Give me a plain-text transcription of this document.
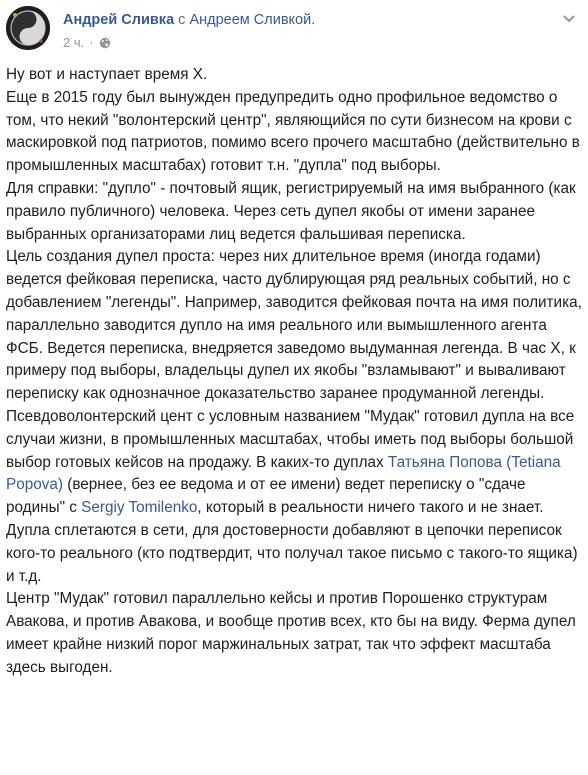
Андрей Сливка с Андреем Сливкой.
2 ч. ·

Ну вот и наступает время Х.

Еще в 2015 году был вынужден предупредить одно профильное ведомство о том, что некий "волонтерский центр", являющийся по сути бизнесом на крови с маскировкой под патриотов, помимо всего прочего масштабно (действительно в промышленных масштабах) готовит т.н. "дупла" под выборы.

Для справки: "дупло" - почтовый ящик, регистрируемый на имя выбранного (как правило публичного) человека. Через сеть дупел якобы от имени заранее выбранных организаторами лиц ведется фальшивая переписка.

Цель создания дупел проста: через них длительное время (иногда годами) ведется фейковая переписка, часто дублирующая ряд реальных событий, но с добавлением "легенды". Например, заводится фейковая почта на имя политика, параллельно заводится дупло на имя реального или вымышленного агента ФСБ. Ведется переписка, внедряется заведомо выдуманная легенда. В час Х, к примеру под выборы, владельцы дупел их якобы "взламывают" и вываливают переписку как однозначное доказательство заранее продуманной легенды.

Псевдоволонтерский цент с условным названием "Мудак" готовил дупла на все случаи жизни, в промышленных масштабах, чтобы иметь под выборы большой выбор готовых кейсов на продажу. В каких-то дуплах Татьяна Попова (Tetiana Popova) (вернее, без ее ведома и от ее имени) ведет переписку о "сдаче родины" с Sergiy Tomilenko, который в реальности ничего такого и не знает. Дупла сплетаются в сети, для достоверности добавляют в цепочки переписок кого-то реального (кто подтвердит, что получал такое письмо с такого-то ящика) и т.д.

Центр "Мудак" готовил параллельно кейсы и против Порошенко структурам Авакова, и против Авакова, и вообще против всех, кто бы на виду. Ферма дупел имеет крайне низкий порог маржинальных затрат, так что эффект масштаба здесь выгоден.
